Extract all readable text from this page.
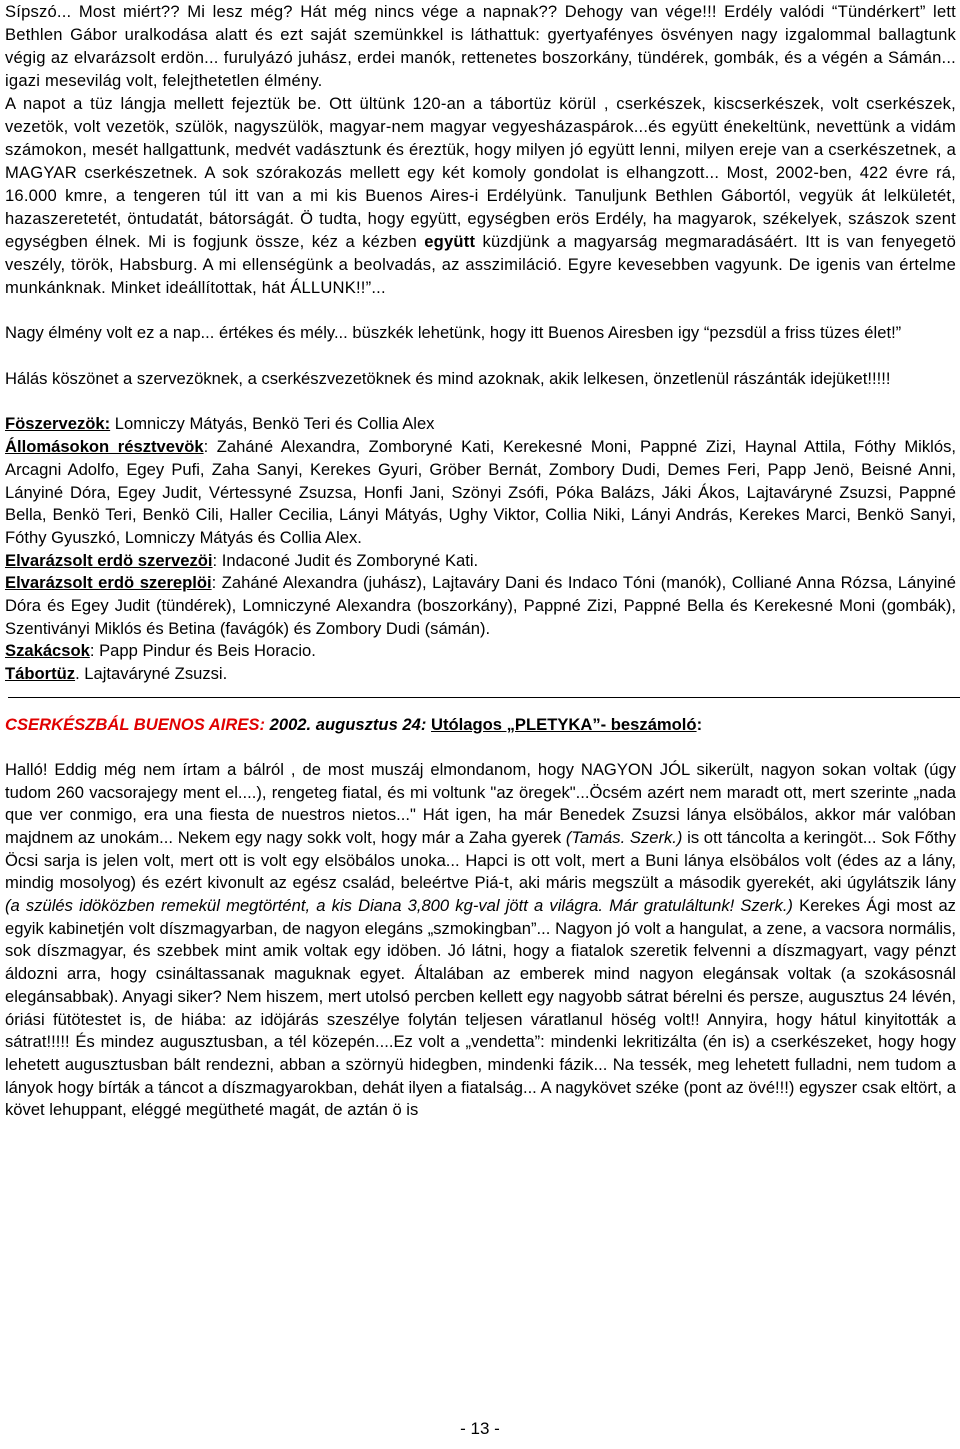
Sípszó... Most miért?? Mi lesz még? Hát még nincs vége a napnak?? Dehogy van vége!!! Erdély valódi “Tündérkert” lett Bethlen Gábor uralkodása alatt és ezt saját szemünkkel is láthattuk: gyertyafényes ösvényen nagy izgalommal ballagtunk végig az elvarázsolt erdön... furulyázó juhász, erdei manók, rettenetes boszorkány, tündérek, gombák, és a végén a Sámán... igazi mesevilág volt, felejthetetlen élmény.

A napot a tüz lángja mellett fejeztük be. Ott ültünk 120-an a tábortüz körül , cserkészek, kiscserkészek, volt cserkészek, vezetök, volt vezetök, szülök, nagyszülök, magyar-nem magyar vegyesházaspárok...és együtt énekeltünk, nevettünk a vidám számokon, mesét hallgattunk, medvét vadásztunk és éreztük, hogy milyen jó együtt lenni, milyen ereje van a cserkészetnek, a MAGYAR cserkészetnek. A sok szórakozás mellett egy két komoly gondolat is elhangzott... Most, 2002-ben, 422 évre rá, 16.000 kmre, a tengeren túl itt van a mi kis Buenos Aires-i Erdélyünk. Tanuljunk Bethlen Gábortól, vegyük át lelkületét, hazaszeretetét, öntudatát, bátorságát. Ö tudta, hogy együtt, egységben erös Erdély, ha magyarok, székelyek, szászok szent egységben élnek. Mi is fogjunk össze, kéz a kézben együtt küzdjünk a magyarság megmaradásáért. Itt is van fenyegetö veszély, török, Habsburg. A mi ellenségünk a beolvadás, az asszimiláció. Egyre kevesebben vagyunk. De igenis van értelme munkánknak. Minket ideállítottak, hát ÁLLUNK!!”...

Nagy élmény volt ez a nap... értékes és mély... büszkék lehetünk, hogy itt Buenos Airesben igy “pezsdül a friss tüzes élet!”

Hálás köszönet a szervezöknek, a cserkészvezetöknek és mind azoknak, akik lelkesen, önzetlenül rászánták idejüket!!!!!

Föszervezök: Lomniczy Mátyás, Benkö Teri és Collia Alex

Állomásokon résztvevök: Zaháné Alexandra, Zomboryné Kati, Kerekesné Moni, Pappné Zizi, Haynal Attila, Fóthy Miklós, Arcagni Adolfo, Egey Pufi, Zaha Sanyi, Kerekes Gyuri, Gröber Bernát, Zombory Dudi, Demes Feri, Papp Jenö, Beisné Anni, Lányiné Dóra, Egey Judit, Vértessyné Zsuzsa, Honfi Jani, Szönyi Zsófi, Póka Balázs, Jáki Ákos, Lajtaváryné Zsuzsi, Pappné Bella, Benkö Teri, Benkö Cili, Haller Cecilia, Lányi Mátyás, Ughy Viktor, Collia Niki, Lányi András, Kerekes Marci, Benkö Sanyi, Fóthy Gyuszkó, Lomniczy Mátyás és Collia Alex.

Elvarázsolt erdö szervezöi: Indaconé Judit és Zomboryné Kati.

Elvarázsolt erdö szereplöi: Zaháné Alexandra (juhász), Lajtaváry Dani és Indaco Tóni (manók), Colliané Anna Rózsa, Lányiné Dóra és Egey Judit (tündérek), Lomniczyné Alexandra (boszorkány), Pappné Zizi, Pappné Bella és Kerekesné Moni (gombák), Szentiványi Miklós és Betina (favágók) és Zombory Dudi (sámán).

Szakácsok: Papp Pindur és Beis Horacio.

Tábortüz. Lajtaváryné Zsuzsi.

CSERKÉSZBÁL BUENOS AIRES: 2002. augusztus 24: Utólagos „PLETYKA”- beszámoló:

Halló! Eddig még nem írtam a bálról , de most muszáj elmondanom, hogy NAGYON JÓL sikerült, nagyon sokan voltak (úgy tudom 260 vacsorajegy ment el....), rengeteg fiatal, és mi voltunk "az öregek"...Öcsém azért nem maradt ott, mert szerinte „nada que ver conmigo, era una fiesta de nuestros nietos..." Hát igen, ha már Benedek Zsuzsi lánya elsöbálos, akkor már valóban majdnem az unokám... Nekem egy nagy sokk volt, hogy már a Zaha gyerek (Tamás. Szerk.) is ott táncolta a keringöt... Sok Főthy Öcsi sarja is jelen volt, mert ott is volt egy elsöbálos unoka... Hapci is ott volt, mert a Buni lánya elsöbálos volt (édes az a lány, mindig mosolyog) és ezért kivonult az egész család, beleértve Piá-t, aki máris megszült a második gyerekét, aki úgylátszik lány (a szülés idöközben remekül megtörtént, a kis Diana 3,800 kg-val jött a világra. Már gratuláltunk! Szerk.) Kerekes Ági most az egyik kabinetjén volt díszmagyarban, de nagyon elegáns „szmokingban”... Nagyon jó volt a hangulat, a zene, a vacsora normális, sok díszmagyar, és szebbek mint amik voltak egy idöben. Jó látni, hogy a fiatalok szeretik felvenni a díszmagyart, vagy pénzt áldozni arra, hogy csináltassanak maguknak egyet. Általában az emberek mind nagyon elegánsak voltak (a szokásosnál elegánsabbak). Anyagi siker? Nem hiszem, mert utolsó percben kellett egy nagyobb sátrat bérelni és persze, augusztus 24 lévén, óriási fütötestet is, de hiába: az idöjárás szeszélye folytán teljesen váratlanul höség volt!! Annyira, hogy hátul kinyitották a sátrat!!!!! És mindez augusztusban, a tél közepén....Ez volt a „vendetta”: mindenki lekritizálta (én is) a cserkészeket, hogy hogy lehetett augusztusban bált rendezni, abban a szörnyü hidegben, mindenki fázik... Na tessék, meg lehetett fulladni, nem tudom a lányok hogy bírták a táncot a díszmagyarokban, dehát ilyen a fiatalság... A nagykövet széke (pont az övé!!!) egyszer csak eltört, a követ lehuppant, eléggé megütheté magát, de aztán ö is

- 13 -
